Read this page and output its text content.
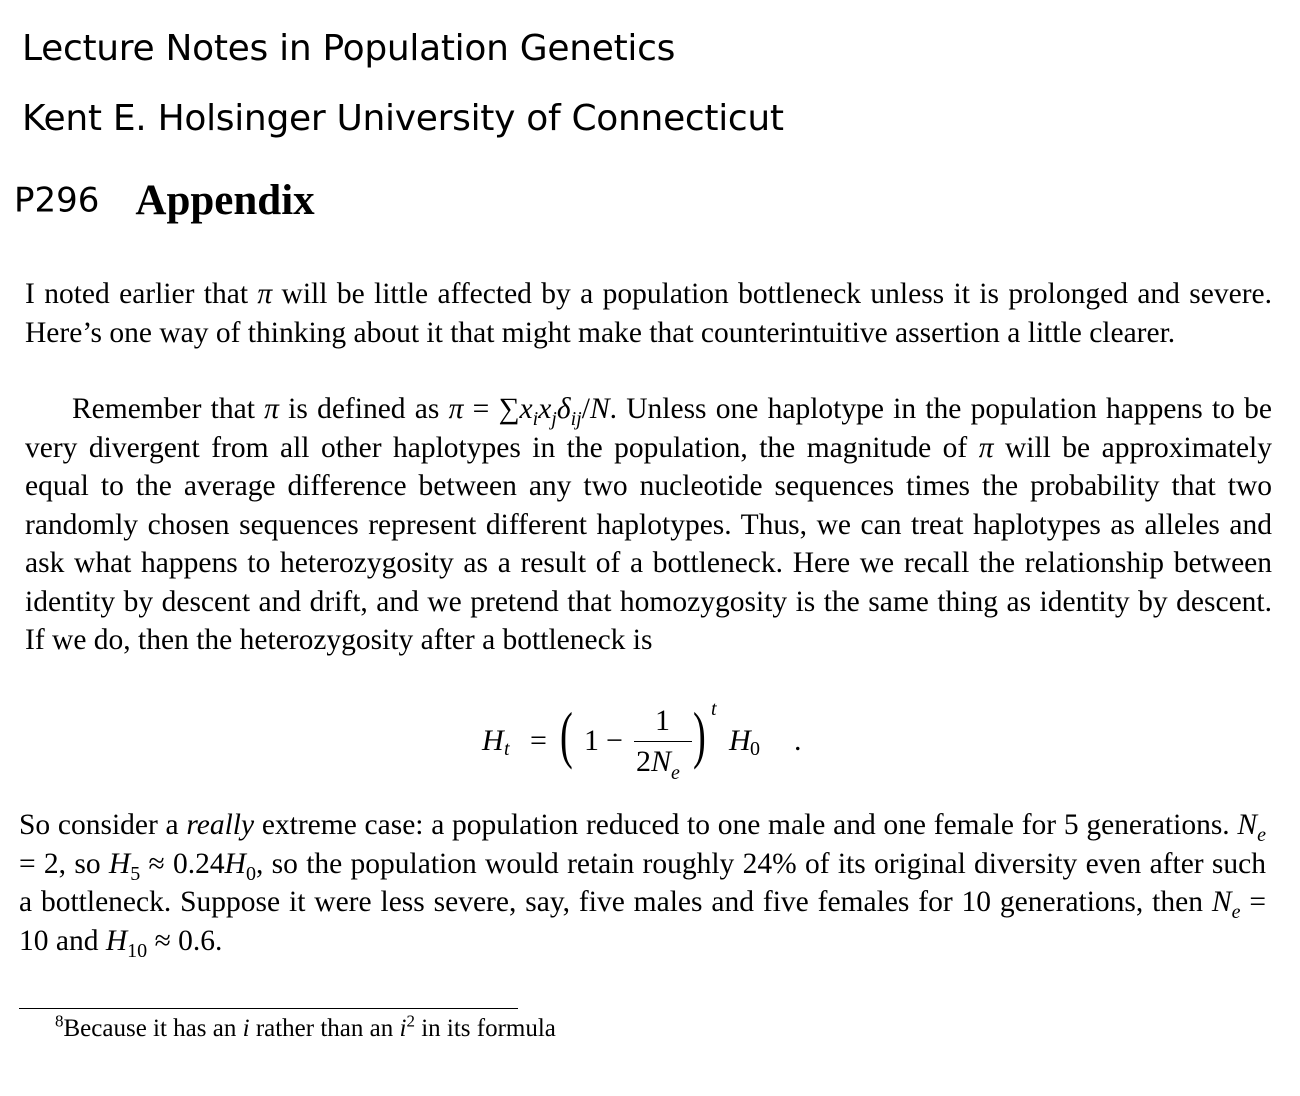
Lecture Notes in Population Genetics
Kent E. Holsinger University of Connecticut
P296 Appendix

I noted earlier that π will be little affected by a population bottleneck unless it is prolonged and severe. Here’s one way of thinking about it that might make that counterintuitive assertion a little clearer.

Remember that π is defined as $\pi = \sum x_ix_j\delta_{ij}/N$. Unless one haplotype in the population happens to be very divergent from all other haplotypes in the population, the magnitude of π will be approximately equal to the average difference between any two nucleotide sequences times the probability that two randomly chosen sequences represent different haplotypes. Thus, we can treat haplotypes as alleles and ask what happens to heterozygosity as a result of a bottleneck. Here we recall the relationship between identity by descent and drift, and we pretend that homozygosity is the same thing as identity by descent. If we do, then the heterozygosity after a bottleneck is

H t = ( 1 −
1
$2N_e$
) t
H 0 .

So consider a really extreme case: a population reduced to one male and one female for 5 generations. $N_e = 2$, so $H_5 \approx 0.24H_0$, so the population would retain roughly 24% of its original diversity even after such a bottleneck. Suppose it were less severe, say, five males and five females for 10 generations, then $N_e = 10$ and $H_{10} \approx 0.6$.

$^8$Because it has an i rather than an $i^2$ in its formula
